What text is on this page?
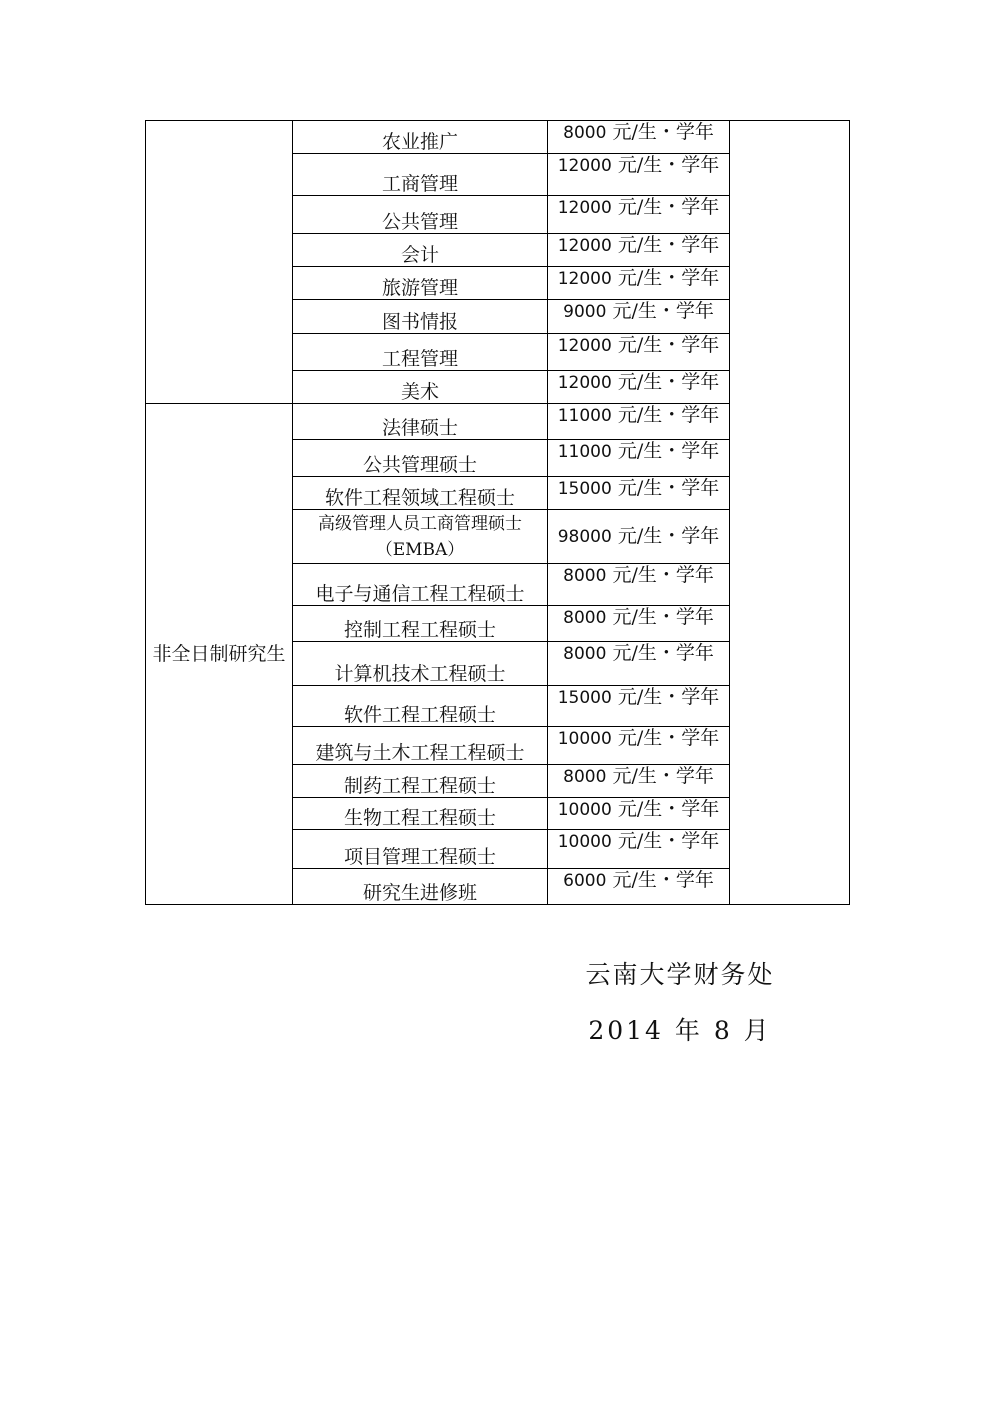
	农业推广	8000 元/生・学年	
	工商管理	12000 元/生・学年	
	公共管理	12000 元/生・学年	
	会计	12000 元/生・学年	
	旅游管理	12000 元/生・学年	
	图书情报	9000 元/生・学年	
	工程管理	12000 元/生・学年	
	美术	12000 元/生・学年	
非全日制研究生	法律硕士	11000 元/生・学年	
	公共管理硕士	11000 元/生・学年	
	软件工程领域工程硕士	15000 元/生・学年	
	高级管理人员工商管理硕士（EMBA）	98000 元/生・学年	
	电子与通信工程工程硕士	8000 元/生・学年	
	控制工程工程硕士	8000 元/生・学年	
	计算机技术工程硕士	8000 元/生・学年	
	软件工程工程硕士	15000 元/生・学年	
	建筑与土木工程工程硕士	10000 元/生・学年	
	制药工程工程硕士	8000 元/生・学年	
	生物工程工程硕士	10000 元/生・学年	
	项目管理工程硕士	10000 元/生・学年	
	研究生进修班	6000 元/生・学年	
云南大学财务处
2014 年 8 月
